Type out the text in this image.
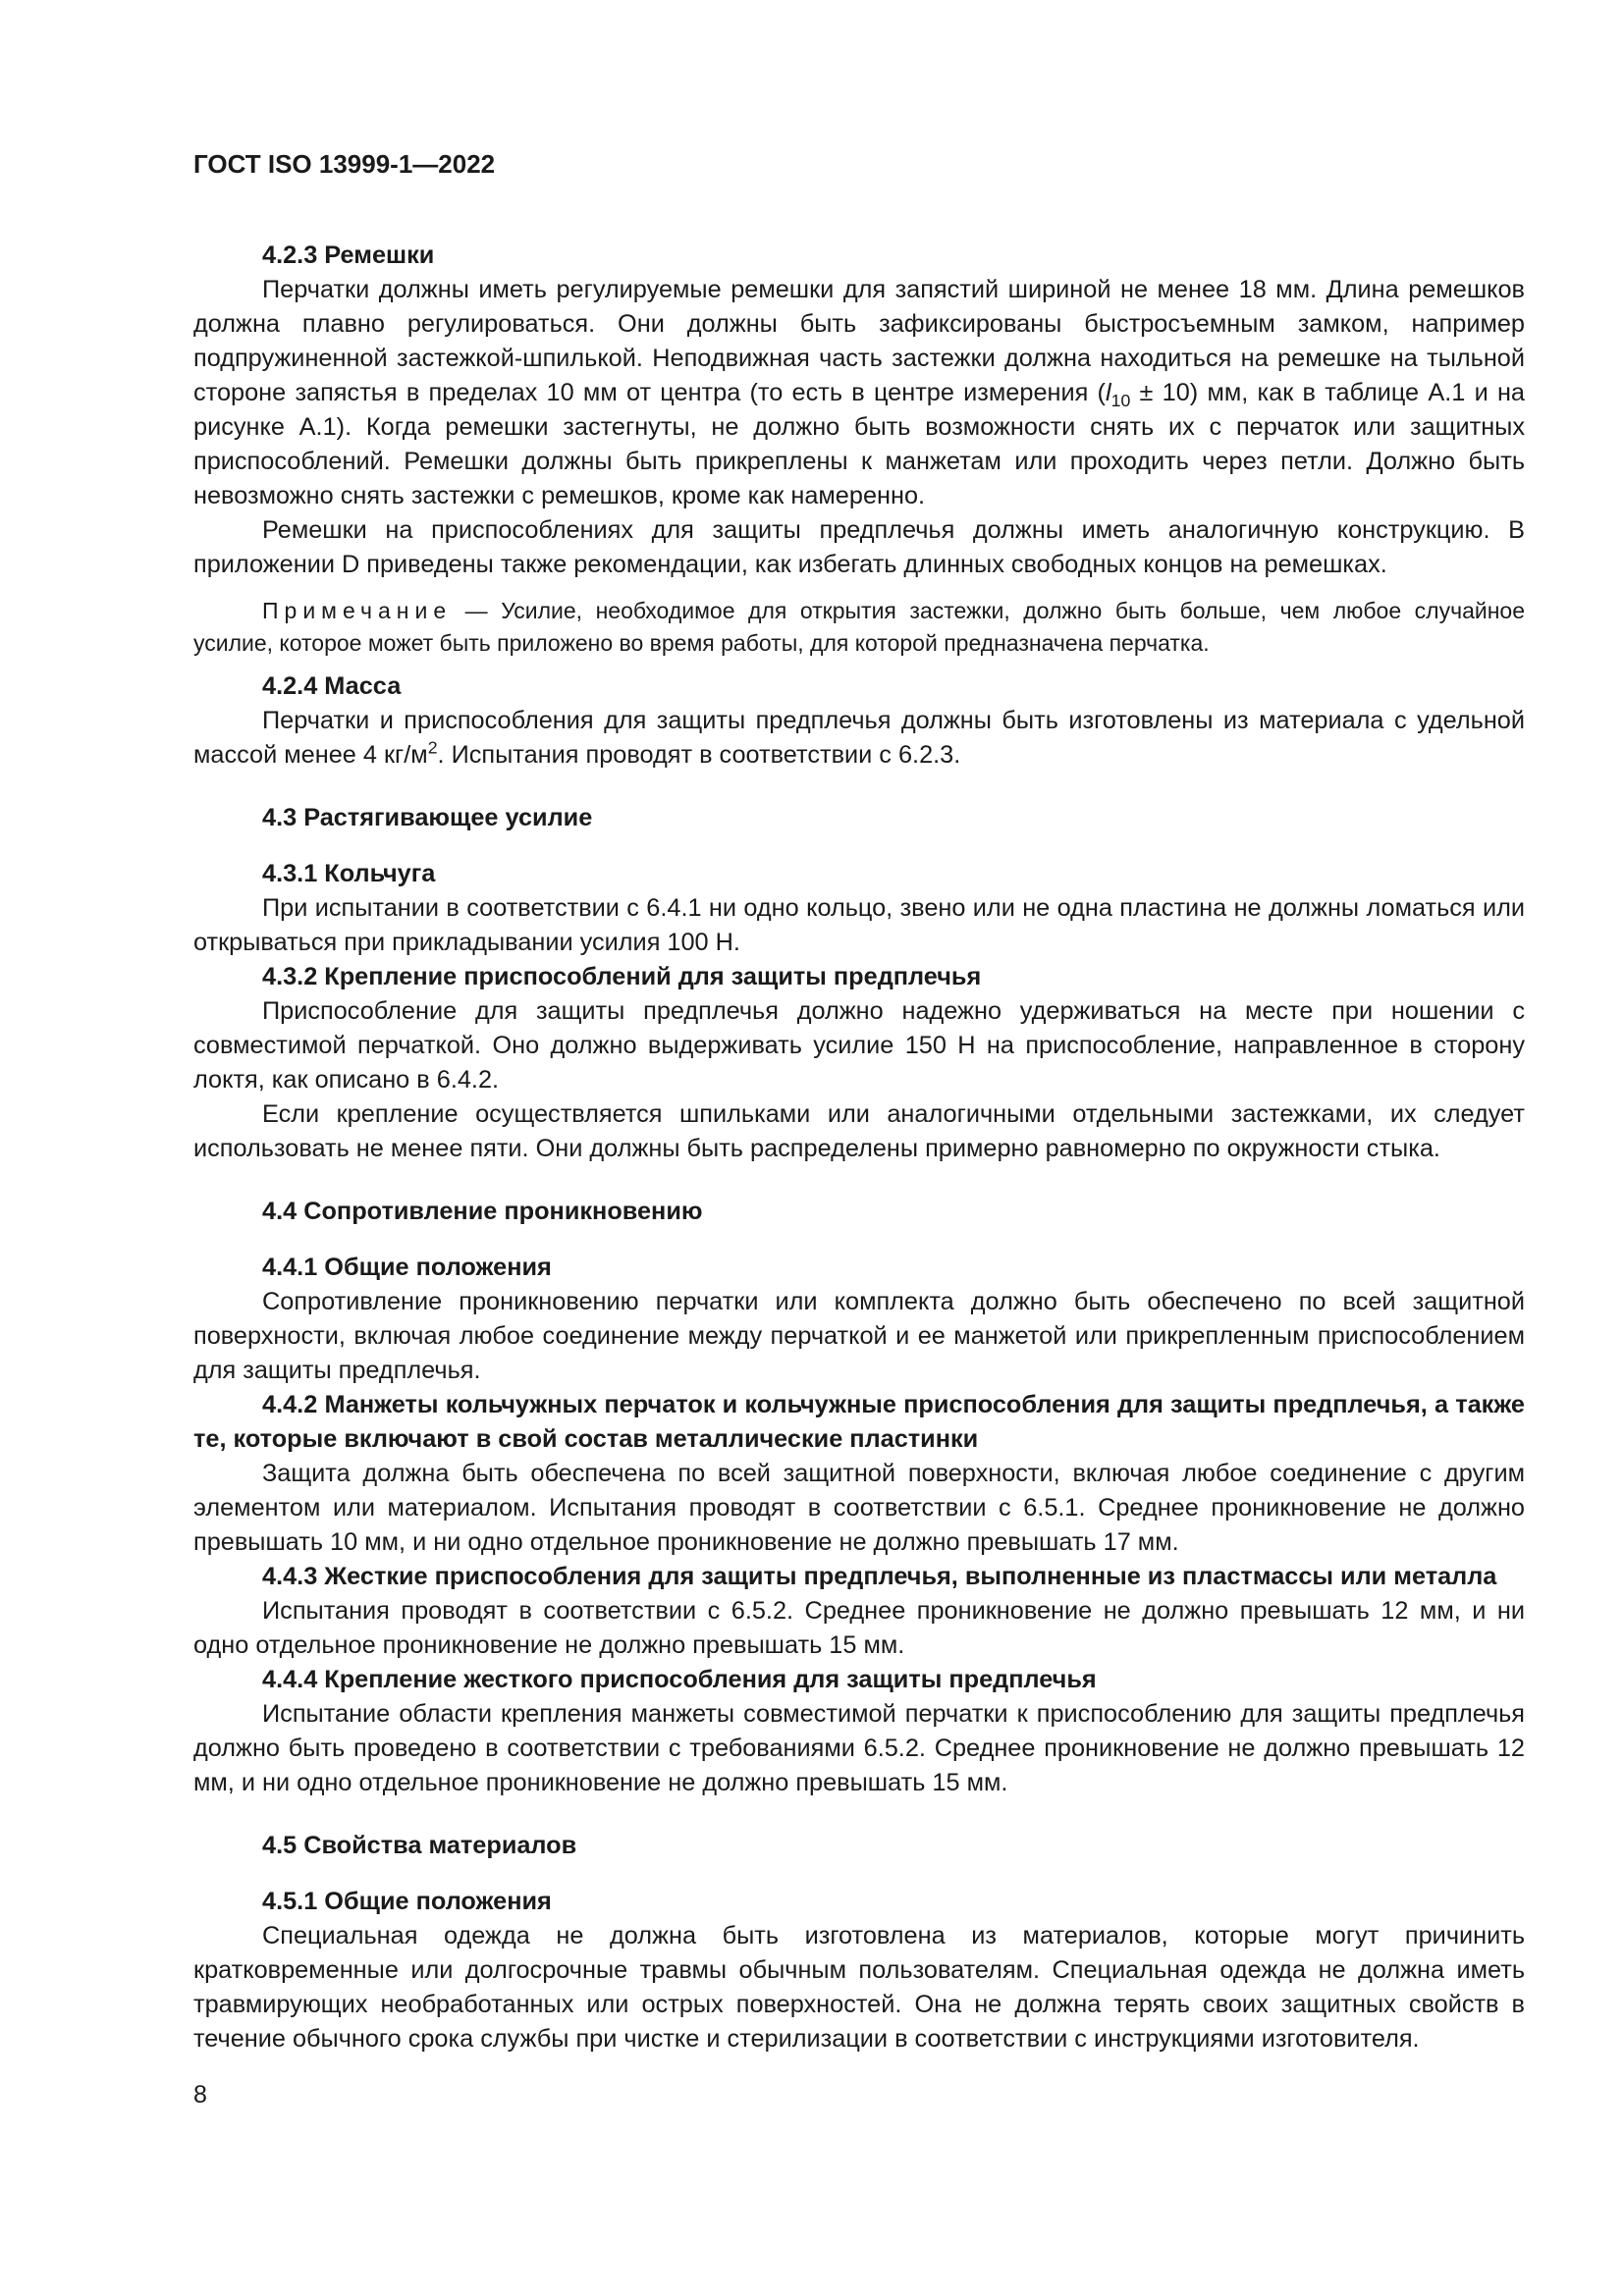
ГОСТ ISO 13999-1—2022
4.2.3 Ремешки

Перчатки должны иметь регулируемые ремешки для запястий шириной не менее 18 мм. Длина ремешков должна плавно регулироваться. Они должны быть зафиксированы быстросъемным замком, например подпружиненной застежкой-шпилькой. Неподвижная часть застежки должна находиться на ремешке на тыльной стороне запястья в пределах 10 мм от центра (то есть в центре измерения $(l_{10} \pm 10)$ мм, как в таблице А.1 и на рисунке А.1). Когда ремешки застегнуты, не должно быть возможности снять их с перчаток или защитных приспособлений. Ремешки должны быть прикреплены к манжетам или проходить через петли. Должно быть невозможно снять застежки с ремешков, кроме как намеренно.

Ремешки на приспособлениях для защиты предплечья должны иметь аналогичную конструкцию. В приложении D приведены также рекомендации, как избегать длинных свободных концов на ремешках.

Примечание — Усилие, необходимое для открытия застежки, должно быть больше, чем любое случайное усилие, которое может быть приложено во время работы, для которой предназначена перчатка.

4.2.4 Масса

Перчатки и приспособления для защиты предплечья должны быть изготовлены из материала с удельной массой менее 4 $кг/м^2$. Испытания проводят в соответствии с 6.2.3.

4.3 Растягивающее усилие
4.3.1 Кольчуга

При испытании в соответствии с 6.4.1 ни одно кольцо, звено или не одна пластина не должны ломаться или открываться при прикладывании усилия 100 Н.

4.3.2 Крепление приспособлений для защиты предплечья

Приспособление для защиты предплечья должно надежно удерживаться на месте при ношении с совместимой перчаткой. Оно должно выдерживать усилие 150 Н на приспособление, направленное в сторону локтя, как описано в 6.4.2.

Если крепление осуществляется шпильками или аналогичными отдельными застежками, их следует использовать не менее пяти. Они должны быть распределены примерно равномерно по окружности стыка.

4.4 Сопротивление проникновению
4.4.1 Общие положения

Сопротивление проникновению перчатки или комплекта должно быть обеспечено по всей защитной поверхности, включая любое соединение между перчаткой и ее манжетой или прикрепленным приспособлением для защиты предплечья.

4.4.2 Манжеты кольчужных перчаток и кольчужные приспособления для защиты предплечья, а также те, которые включают в свой состав металлические пластинки

Защита должна быть обеспечена по всей защитной поверхности, включая любое соединение с другим элементом или материалом. Испытания проводят в соответствии с 6.5.1. Среднее проникновение не должно превышать 10 мм, и ни одно отдельное проникновение не должно превышать 17 мм.

4.4.3 Жесткие приспособления для защиты предплечья, выполненные из пластмассы или металла

Испытания проводят в соответствии с 6.5.2. Среднее проникновение не должно превышать 12 мм, и ни одно отдельное проникновение не должно превышать 15 мм.

4.4.4 Крепление жесткого приспособления для защиты предплечья

Испытание области крепления манжеты совместимой перчатки к приспособлению для защиты предплечья должно быть проведено в соответствии с требованиями 6.5.2. Среднее проникновение не должно превышать 12 мм, и ни одно отдельное проникновение не должно превышать 15 мм.

4.5 Свойства материалов
4.5.1 Общие положения

Специальная одежда не должна быть изготовлена из материалов, которые могут причинить кратковременные или долгосрочные травмы обычным пользователям. Специальная одежда не должна иметь травмирующих необработанных или острых поверхностей. Она не должна терять своих защитных свойств в течение обычного срока службы при чистке и стерилизации в соответствии с инструкциями изготовителя.

8
